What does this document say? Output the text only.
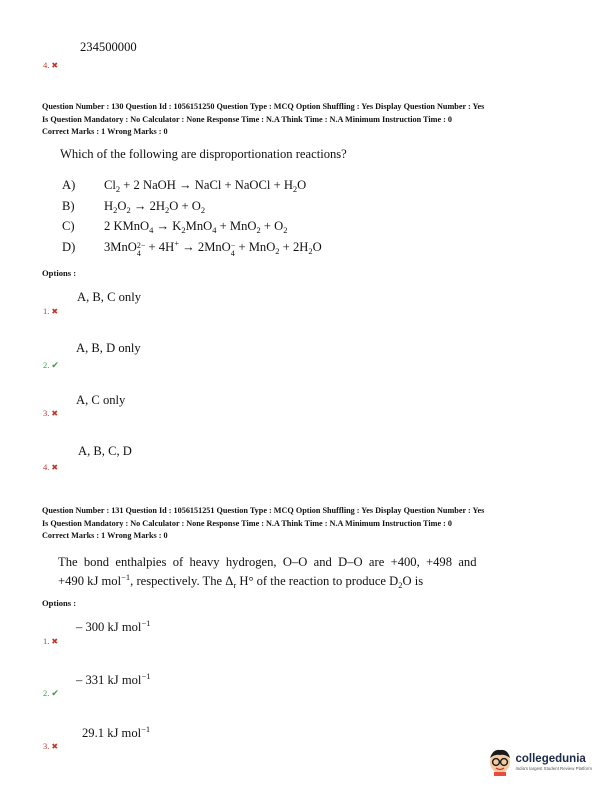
234500000
4. ✖
Question Number : 130 Question Id : 1056151250 Question Type : MCQ Option Shuffling : Yes Display Question Number : Yes
Is Question Mandatory : No Calculator : None Response Time : N.A Think Time : N.A Minimum Instruction Time : 0
Correct Marks : 1 Wrong Marks : 0
Which of the following are disproportionation reactions?
A) $Cl_2 + 2$ NaOH → NaCl + NaOCl + $H_2O$
B) $H_2O_2 \to 2H_2O + O_2$
C) 2 KMnO$_4$ → $K_2MnO_4 + MnO_2 + O_2$
D) 3MnO 2−
4 + 4H+ → 2MnO −
$4 + MnO_2 + 2H_2O$
Options :
A, B, C only
1. ✖
A, B, D only
2. ✔
A, C only
3. ✖
A, B, C, D
4. ✖
Question Number : 131 Question Id : 1056151251 Question Type : MCQ Option Shuffling : Yes Display Question Number : Yes
Is Question Mandatory : No Calculator : None Response Time : N.A Think Time : N.A Minimum Instruction Time : 0
Correct Marks : 1 Wrong Marks : 0
The  bond  enthalpies  of  heavy  hydrogen,  O–O  and  D–O  are  +400,  +498  and
+490 kJ mol$^{-1}$, respectively. The $\Delta_r$ H° of the reaction to produce $D_2O$ is
Options :
– 300 kJ mol$^{-1}$
1. ✖
– 331 kJ mol$^{-1}$
2. ✔
29.1 kJ mol$^{-1}$
3. ✖
collegedunia
India's largest Student Review Platform
